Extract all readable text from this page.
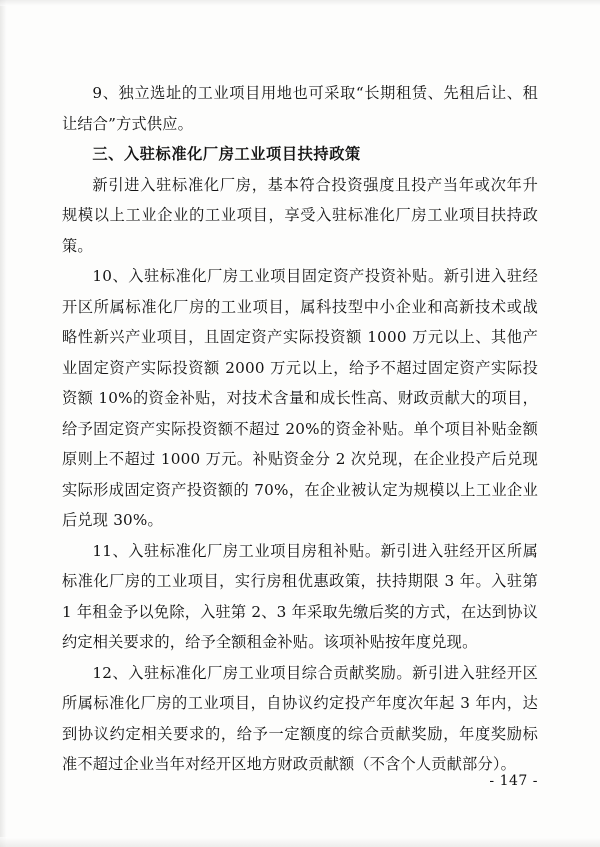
9、独立选址的工业项目用地也可采取“长期租赁、先租后让、租让结合”方式供应。

三、入驻标准化厂房工业项目扶持政策

新引进入驻标准化厂房，基本符合投资强度且投产当年或次年升规模以上工业企业的工业项目，享受入驻标准化厂房工业项目扶持政策。

10、入驻标准化厂房工业项目固定资产投资补贴。新引进入驻经开区所属标准化厂房的工业项目，属科技型中小企业和高新技术或战略性新兴产业项目，且固定资产实际投资额 1000 万元以上、其他产业固定资产实际投资额 2000 万元以上，给予不超过固定资产实际投资额 10%的资金补贴，对技术含量和成长性高、财政贡献大的项目，给予固定资产实际投资额不超过 20%的资金补贴。单个项目补贴金额原则上不超过 1000 万元。补贴资金分 2 次兑现，在企业投产后兑现实际形成固定资产投资额的 70%，在企业被认定为规模以上工业企业后兑现 30%。

11、入驻标准化厂房工业项目房租补贴。新引进入驻经开区所属标准化厂房的工业项目，实行房租优惠政策，扶持期限 3 年。入驻第 1 年租金予以免除，入驻第 2、3 年采取先缴后奖的方式，在达到协议约定相关要求的，给予全额租金补贴。该项补贴按年度兑现。

12、入驻标准化厂房工业项目综合贡献奖励。新引进入驻经开区所属标准化厂房的工业项目，自协议约定投产年度次年起 3 年内，达到协议约定相关要求的，给予一定额度的综合贡献奖励，年度奖励标准不超过企业当年对经开区地方财政贡献额（不含个人贡献部分）。

- 147 -
